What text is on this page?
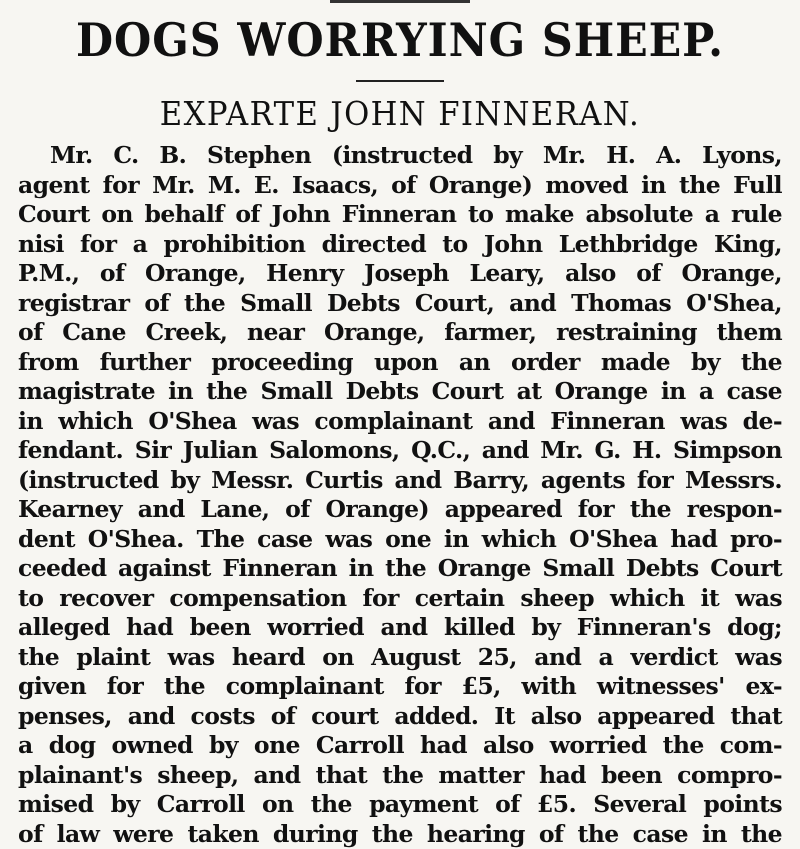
DOGS WORRYING SHEEP.
EXPARTE JOHN FINNERAN.
Mr. C. B. Stephen (instructed by Mr. H. A. Lyons,
agent for Mr. M. E. Isaacs, of Orange) moved in the Full
Court on behalf of John Finneran to make absolute a rule
nisi for a prohibition directed to John Lethbridge King,
P.M., of Orange, Henry Joseph Leary, also of Orange,
registrar of the Small Debts Court, and Thomas O'Shea,
of Cane Creek, near Orange, farmer, restraining them
from further proceeding upon an order made by the
magistrate in the Small Debts Court at Orange in a case
in which O'Shea was complainant and Finneran was de-
fendant. Sir Julian Salomons, Q.C., and Mr. G. H. Simpson
(instructed by Messr. Curtis and Barry, agents for Messrs.
Kearney and Lane, of Orange) appeared for the respon-
dent O'Shea. The case was one in which O'Shea had pro-
ceeded against Finneran in the Orange Small Debts Court
to recover compensation for certain sheep which it was
alleged had been worried and killed by Finneran's dog;
the plaint was heard on August 25, and a verdict was
given for the complainant for £5, with witnesses' ex-
penses, and costs of court added. It also appeared that
a dog owned by one Carroll had also worried the com-
plainant's sheep, and that the matter had been compro-
mised by Carroll on the payment of £5. Several points
of law were taken during the hearing of the case in the
